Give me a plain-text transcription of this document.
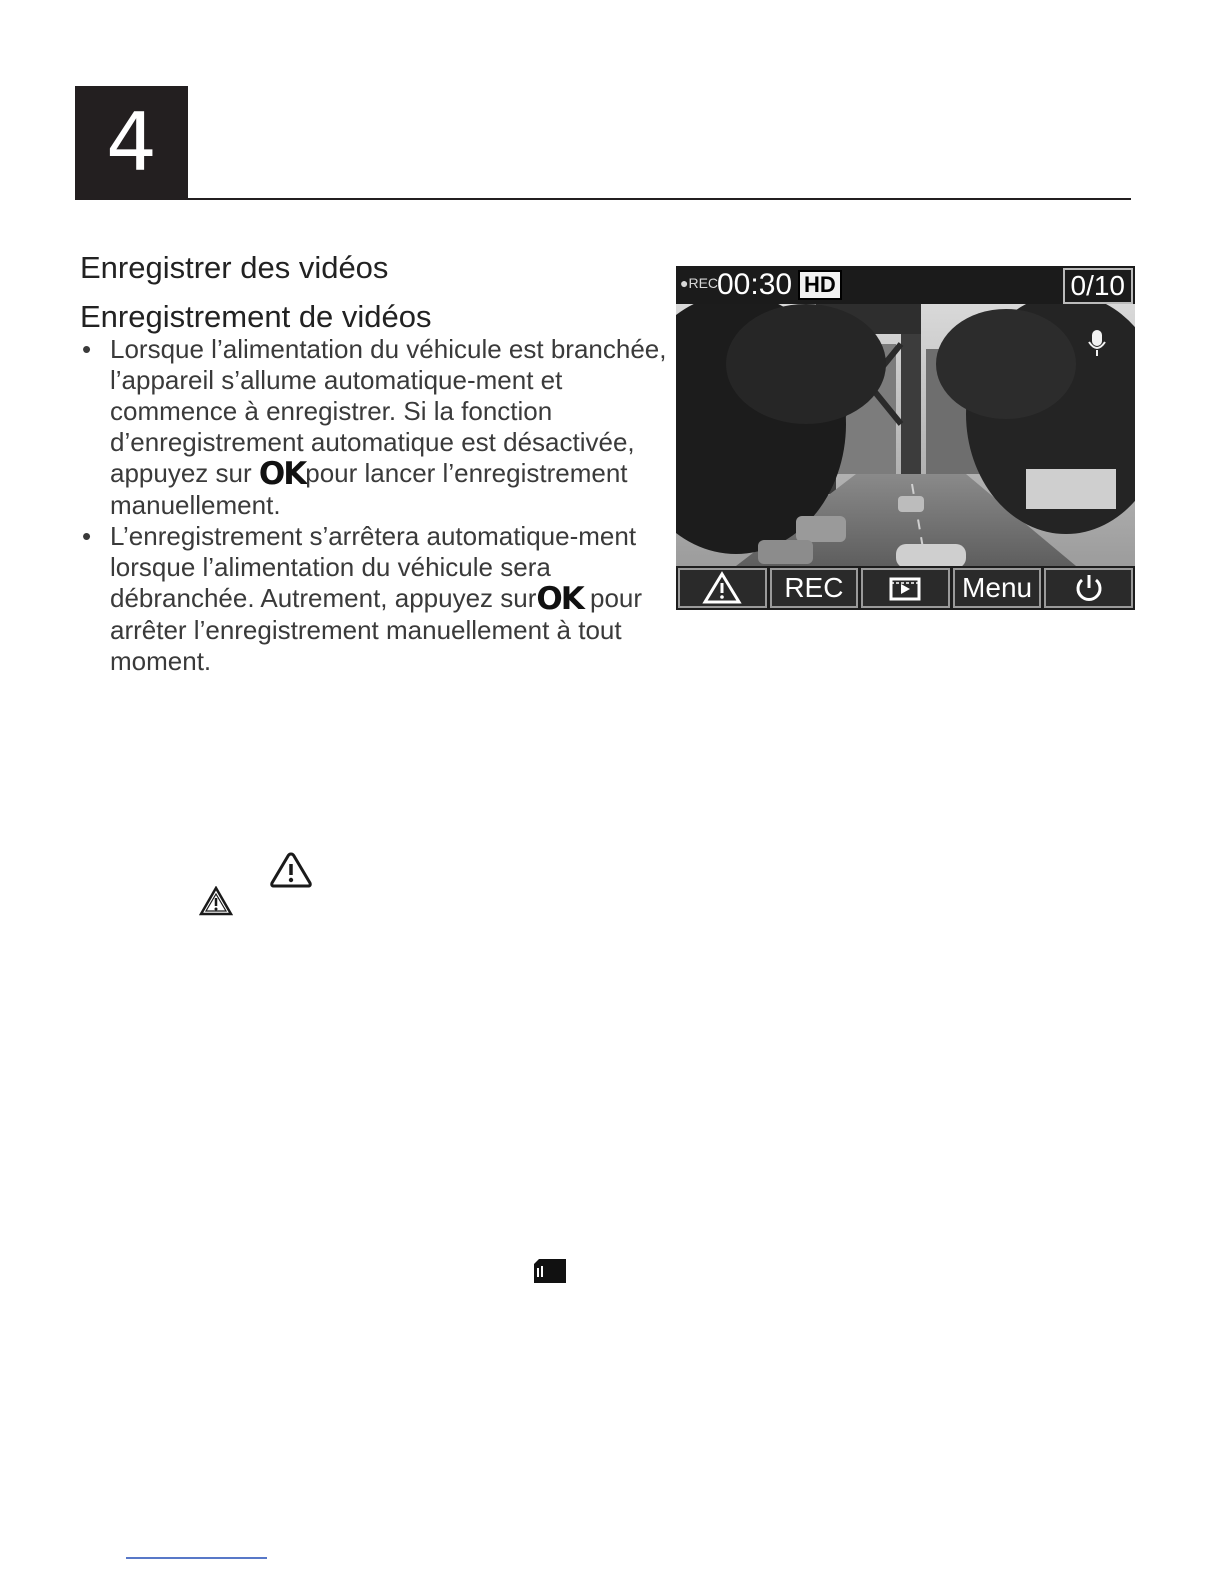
4
Enregistrer des vidéos
Enregistrement de vidéos
• Lorsque l’alimentation du véhicule est branchée, l’appareil s’allume automatique-ment et commence à enregistrer. Si la fonction d’enregistrement automatique est désactivée, appuyez sur OKpour lancer l’enregistrement manuellement.
• L’enregistrement s’arrêtera automatique-ment lorsque l’alimentation du véhicule sera débranchée. Autrement, appuyez surOK pour arrêter l’enregistrement manuellement à tout moment.
●REC
00:30 HD	0/10
REC	Menu
